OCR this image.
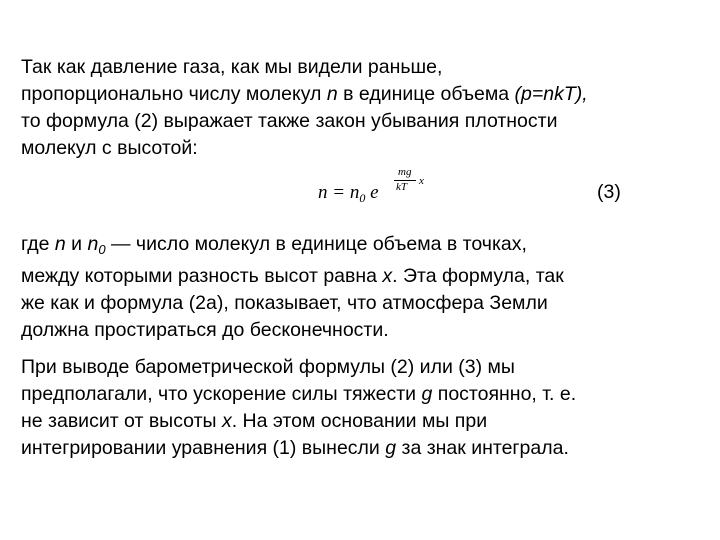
Так как давление газа, как мы видели раньше,
пропорционально числу молекул n в единице объема (p=nkT),
то формула (2) выражает также закон убывания плотности
молекул с высотой:
$n = n_0$ e
mg
kT x	(3)
где n и $n_0$ — число молекул в единице объема в точках,
между которыми разность высот равна x. Эта формула, так
же как и формула (2а), показывает, что атмосфера Земли
должна простираться до бесконечности.
При выводе барометрической формулы (2) или (3) мы
предполагали, что ускорение силы тяжести g постоянно, т. е.
не зависит от высоты x. На этом основании мы при
интегрировании уравнения (1) вынесли g за знак интеграла.
